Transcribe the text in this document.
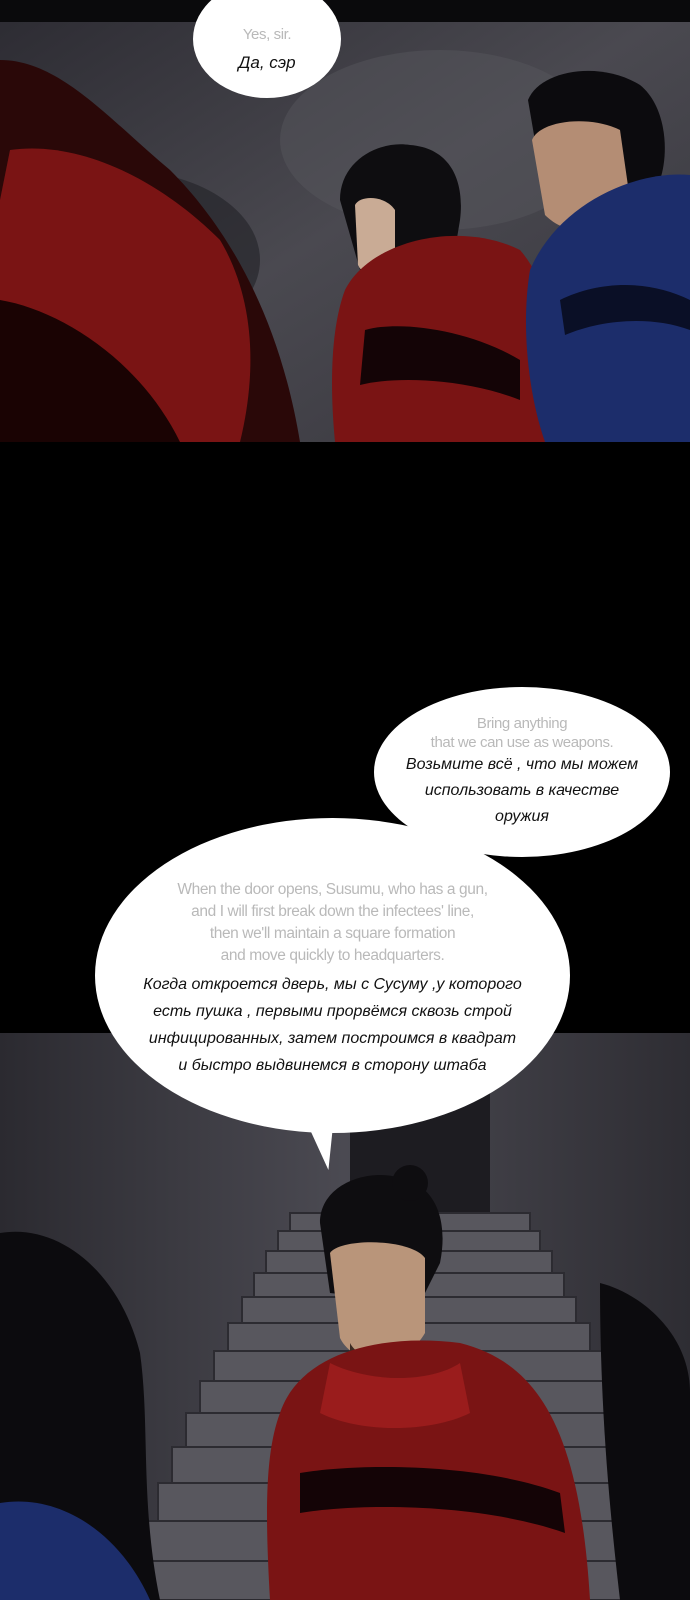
Yes, sir.
Да, сэр
Bring anything
that we can use as weapons.
Возьмите всё , что мы можем
использовать в качестве
оружия
When the door opens, Susumu, who has a gun,
and I will first break down the infectees' line,
then we'll maintain a square formation
and move quickly to headquarters.
Когда откроется дверь, мы с Сусуму ,у которого
есть пушка , первыми прорвёмся сквозь строй
инфицированных, затем построимся в квадрат
и быстро выдвинемся в сторону штаба
